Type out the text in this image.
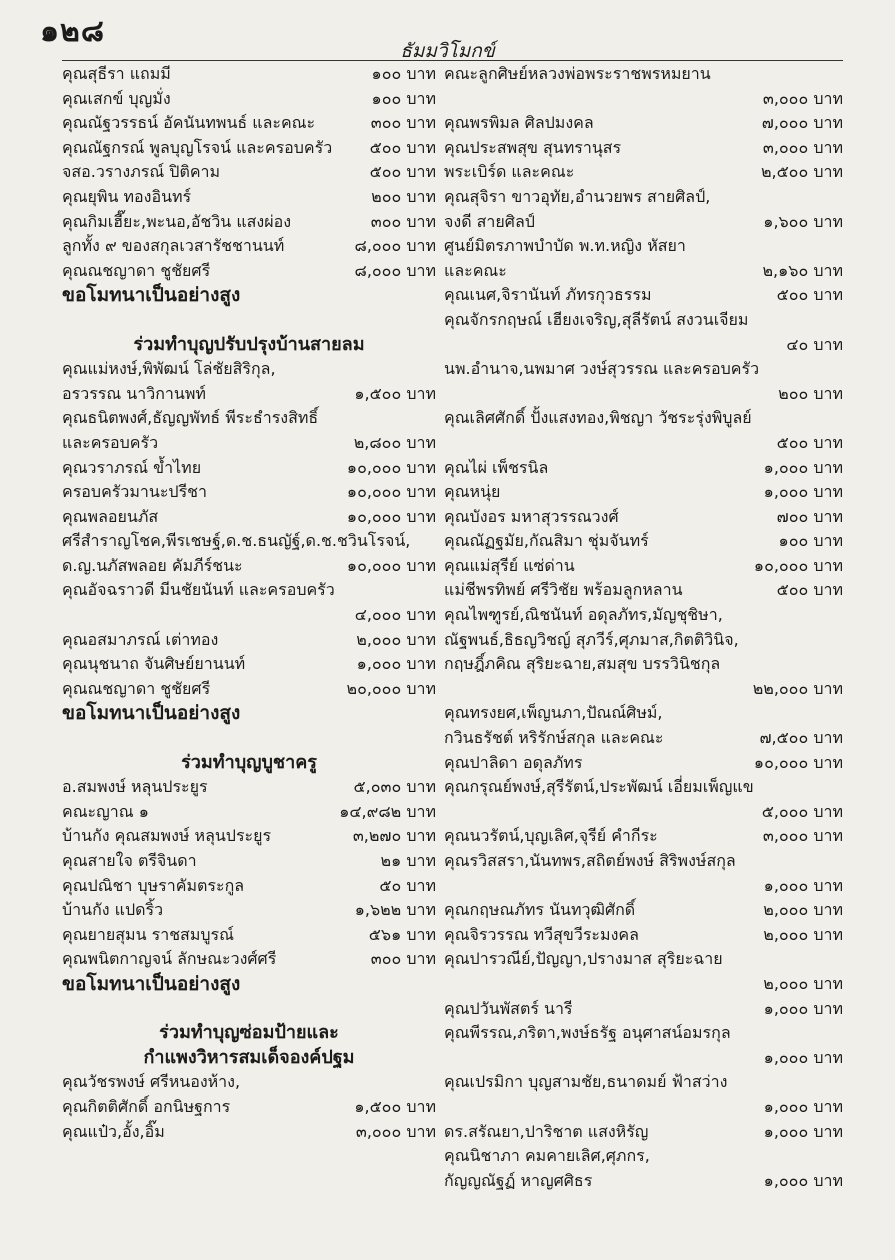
๑๒๘
ธัมมวิโมกข์
คุณสุธีรา แถมมี	๑๐๐ บาท
คุณเสกข์ บุญมั่ง	๑๐๐ บาท
คุณณัฐวรรธน์ อัคนันทพนธ์ และคณะ	๓๐๐ บาท
คุณณัฐกรณ์ พูลบุญโรจน์ และครอบครัว	๕๐๐ บาท
จสอ.วรางภรณ์ ปิติคาม	๕๐๐ บาท
คุณยุพิน ทองอินทร์	๒๐๐ บาท
คุณกิมเฮี๊ยะ,พะนอ,อัชวิน แสงผ่อง	๓๐๐ บาท
ลูกทั้ง ๙ ของสกุลเวสารัชชานนท์	๘,๐๐๐ บาท
คุณณชญาดา ชูชัยศรี	๘,๐๐๐ บาท
ขอโมทนาเป็นอย่างสูง
ร่วมทำบุญปรับปรุงบ้านสายลม
คุณแม่หงษ์,พิพัฒน์ โล่ชัยสิริกุล,
อรวรรณ นาวิกานพท์	๑,๕๐๐ บาท
คุณธนิตพงศ์,ธัญญพัทธ์ พีระธำรงสิทธิ์
และครอบครัว	๒,๘๐๐ บาท
คุณวราภรณ์ ข้ำไทย	๑๐,๐๐๐ บาท
ครอบครัวมานะปรีชา	๑๐,๐๐๐ บาท
คุณพลอยนภัส	๑๐,๐๐๐ บาท
ศรีสำราญโชค,พีรเชษฐ์,ด.ช.ธนญัฐ์,ด.ช.ชวินโรจน์,
ด.ญ.นภัสพลอย คัมภีร์ชนะ	๑๐,๐๐๐ บาท
คุณอัจฉราวดี มีนชัยนันท์ และครอบครัว
๔,๐๐๐ บาท
คุณอสมาภรณ์ เต่าทอง	๒,๐๐๐ บาท
คุณนุชนาถ จันศิษย์ยานนท์	๑,๐๐๐ บาท
คุณณชญาดา ชูชัยศรี	๒๐,๐๐๐ บาท
ขอโมทนาเป็นอย่างสูง
ร่วมทำบุญบูชาครู
อ.สมพงษ์ หลุนประยูร	๕,๐๓๐ บาท
คณะญาณ ๑	๑๔,๙๘๒ บาท
บ้านกัง คุณสมพงษ์ หลุนประยูร	๓,๒๗๐ บาท
คุณสายใจ ตรีจินดา	๒๑ บาท
คุณปณิชา บุษราคัมตระกูล	๕๐ บาท
บ้านกัง แปดริ้ว	๑,๖๒๒ บาท
คุณยายสุมน ราชสมบูรณ์	๕๖๑ บาท
คุณพนิตกาญจน์ ลักษณะวงศ์ศรี	๓๐๐ บาท
ขอโมทนาเป็นอย่างสูง
ร่วมทำบุญซ่อมป้ายและ
กำแพงวิหารสมเด็จองค์ปฐม
คุณวัชรพงษ์ ศรีหนองห้าง,
คุณกิตติศักดิ์ อกนิษฐการ	๑,๕๐๐ บาท
คุณแป๋ว,อั้ง,อิ๊ม	๓,๐๐๐ บาท
คณะลูกศิษย์หลวงพ่อพระราชพรหมยาน
๓,๐๐๐ บาท
คุณพรพิมล ศิลปมงคล	๗,๐๐๐ บาท
คุณประสพสุข สุนทรานุสร	๓,๐๐๐ บาท
พระเบิร์ด และคณะ	๒,๕๐๐ บาท
คุณสุจิรา ขาวอุทัย,อำนวยพร สายศิลป์,
จงดี สายศิลป์	๑,๖๐๐ บาท
ศูนย์มิตรภาพบำบัด พ.ท.หญิง หัสยา
และคณะ	๒,๑๖๐ บาท
คุณเนศ,จิรานันท์ ภัทรกุวธรรม	๕๐๐ บาท
คุณจักรกฤษณ์ เฮียงเจริญ,สุลีรัตน์ สงวนเจียม
๔๐ บาท
นพ.อำนาจ,นพมาศ วงษ์สุวรรณ และครอบครัว
๒๐๐ บาท
คุณเลิศศักดิ์ ปั้งแสงทอง,พิชญา วัชระรุ่งพิบูลย์
๕๐๐ บาท
คุณไผ่ เพ็ชรนิล	๑,๐๐๐ บาท
คุณหนุ่ย	๑,๐๐๐ บาท
คุณบังอร มหาสุวรรณวงศ์	๗๐๐ บาท
คุณณัฏฐมัย,กัณสิมา ชุ่มจันทร์	๑๐๐ บาท
คุณแม่สุรีย์ แซ่ด่าน	๑๐,๐๐๐ บาท
แม่ชีพรทิพย์ ศรีวิชัย พร้อมลูกหลาน	๕๐๐ บาท
คุณไพฑูรย์,ณิชนันท์ อดุลภัทร,มัญชุชิษา,
ณัฐพนธ์,ธิธญวิชญ์ สุภวีร์,ศุภมาส,กิตติวินิจ,
กฤษฎิ์ภคิณ สุริยะฉาย,สมสุข บรรวินิชกุล
๒๒,๐๐๐ บาท
คุณทรงยศ,เพ็ญนภา,ปัณณ์ศิษม์,
กวินธรัชต์ หริรักษ์สกุล และคณะ	๗,๕๐๐ บาท
คุณปาลิดา อดุลภัทร	๑๐,๐๐๐ บาท
คุณกรุณย์พงษ์,สุรีรัตน์,ประพัฒน์ เอี่ยมเพ็ญแข
๕,๐๐๐ บาท
คุณนวรัตน์,บุญเลิศ,จุรีย์ คำกีระ	๓,๐๐๐ บาท
คุณรวิสสรา,นันทพร,สถิตย์พงษ์ สิริพงษ์สกุล
๑,๐๐๐ บาท
คุณกฤษณภัทร นันทวุฒิศักดิ์	๒,๐๐๐ บาท
คุณจิรวรรณ ทวีสุขวีระมงคล	๒,๐๐๐ บาท
คุณปารวณีย์,ปัญญา,ปรางมาส สุริยะฉาย
๒,๐๐๐ บาท
คุณปวันพัสตร์ นารี	๑,๐๐๐ บาท
คุณพีรรณ,ภริตา,พงษ์ธรัฐ อนุศาสน์อมรกุล
๑,๐๐๐ บาท
คุณเปรมิกา บุญสามชัย,ธนาดมย์ ฟ้าสว่าง
๑,๐๐๐ บาท
ดร.สรัณยา,ปาริชาต แสงหิรัญ	๑,๐๐๐ บาท
คุณนิชาภา คมคายเลิศ,ศุภกร,
กัญญณัฐฏ์ หาญศศิธร	๑,๐๐๐ บาท
